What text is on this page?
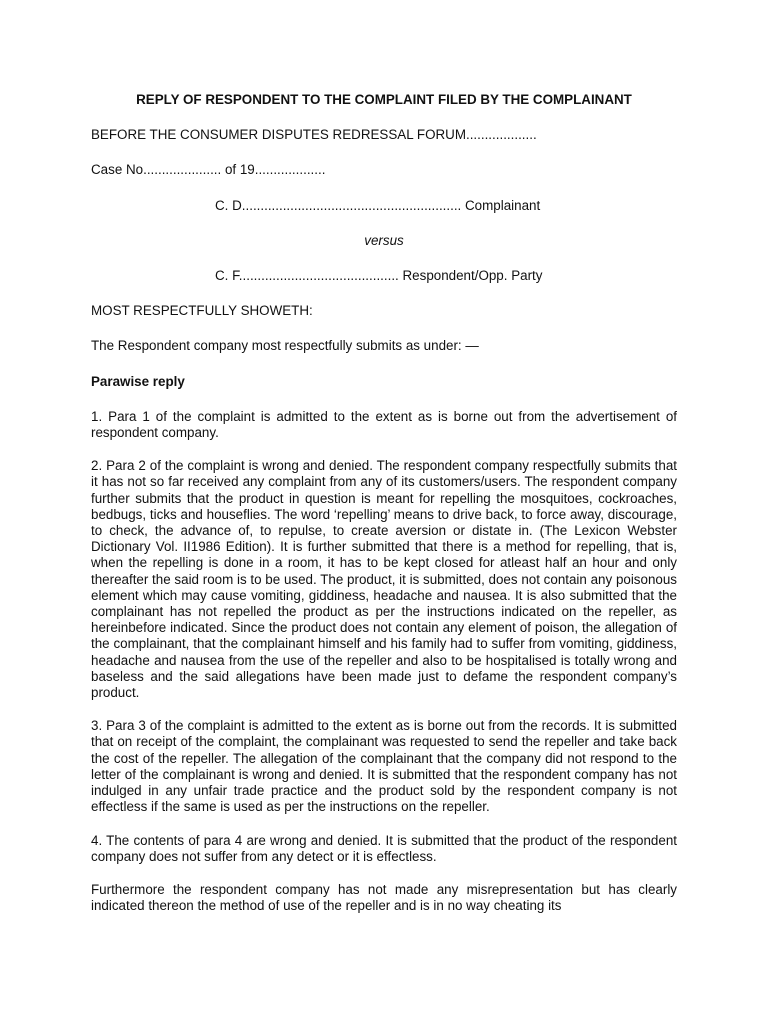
REPLY OF RESPONDENT TO THE COMPLAINT FILED BY THE COMPLAINANT

BEFORE THE CONSUMER DISPUTES REDRESSAL FORUM...................

Case No..................... of 19...................

C. D........................................................... Complainant

versus

C. F........................................... Respondent/Opp. Party

MOST RESPECTFULLY SHOWETH:

The Respondent company most respectfully submits as under: —

Parawise reply

1. Para 1 of the complaint is admitted to the extent as is borne out from the advertisement of respondent company.

2. Para 2 of the complaint is wrong and denied. The respondent company respectfully submits that it has not so far received any complaint from any of its customers/users. The respondent company further submits that the product in question is meant for repelling the mosquitoes, cockroaches, bedbugs, ticks and houseflies. The word ‘repelling’ means to drive back, to force away, discourage, to check, the advance of, to repulse, to create aversion or distate in. (The Lexicon Webster Dictionary Vol. II1986 Edition). It is further submitted that there is a method for repelling, that is, when the repelling is done in a room, it has to be kept closed for atleast half an hour and only thereafter the said room is to be used. The product, it is submitted, does not contain any poisonous element which may cause vomiting, giddiness, headache and nausea. It is also submitted that the complainant has not repelled the product as per the instructions indicated on the repeller, as hereinbefore indicated. Since the product does not contain any element of poison, the allegation of the complainant, that the complainant himself and his family had to suffer from vomiting, giddiness, headache and nausea from the use of the repeller and also to be hospitalised is totally wrong and baseless and the said allegations have been made just to defame the respondent company’s product.

3. Para 3 of the complaint is admitted to the extent as is borne out from the records. It is submitted that on receipt of the complaint, the complainant was requested to send the repeller and take back the cost of the repeller. The allegation of the complainant that the company did not respond to the letter of the complainant is wrong and denied. It is submitted that the respondent company has not indulged in any unfair trade practice and the product sold by the respondent company is not effectless if the same is used as per the instructions on the repeller.

4. The contents of para 4 are wrong and denied. It is submitted that the product of the respondent company does not suffer from any detect or it is effectless.

Furthermore the respondent company has not made any misrepresentation but has clearly indicated thereon the method of use of the repeller and is in no way cheating its
